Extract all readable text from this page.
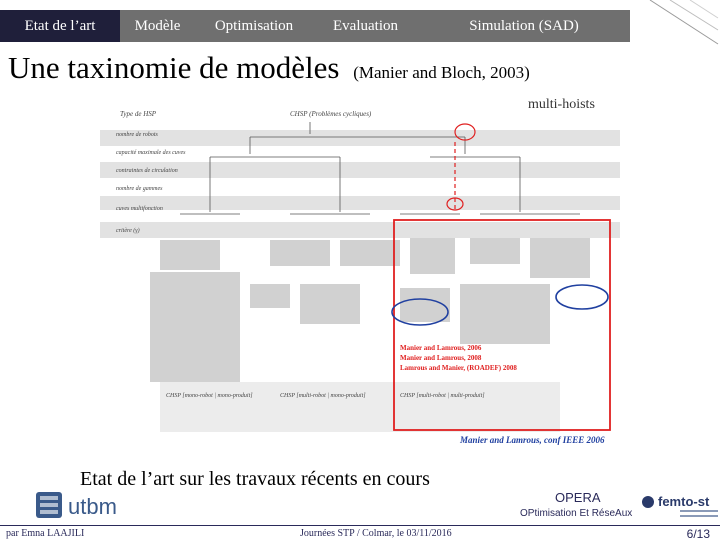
Etat de l’art	Modèle	Optimisation	Evaluation	Simulation (SAD)
Une taxinomie de modèles (Manier and Bloch, 2003)
Type de HSP	CHSP (Problèmes cycliques)
multi-hoists
nombre de robots
capacité maximale des cuves
contraintes de circulation
nombre de gammes
cuves multifonction
critère (γ)
Manier and Lamrous, 2006
Manier and Lamrous, 2008
Lamrous and Manier, (ROADEF) 2008
CHSP [mono-robot | mono-produit]	CHSP [multi-robot | mono-produit]	CHSP [multi-robot | multi-produit]
Manier and Lamrous, conf IEEE 2006
Etat de l’art sur les travaux récents en cours
OPERA
OPtimisation Et RéseAux
utbm	femto-st
par Emna LAAJILI	Journées STP / Colmar, le 03/11/2016	6/13
